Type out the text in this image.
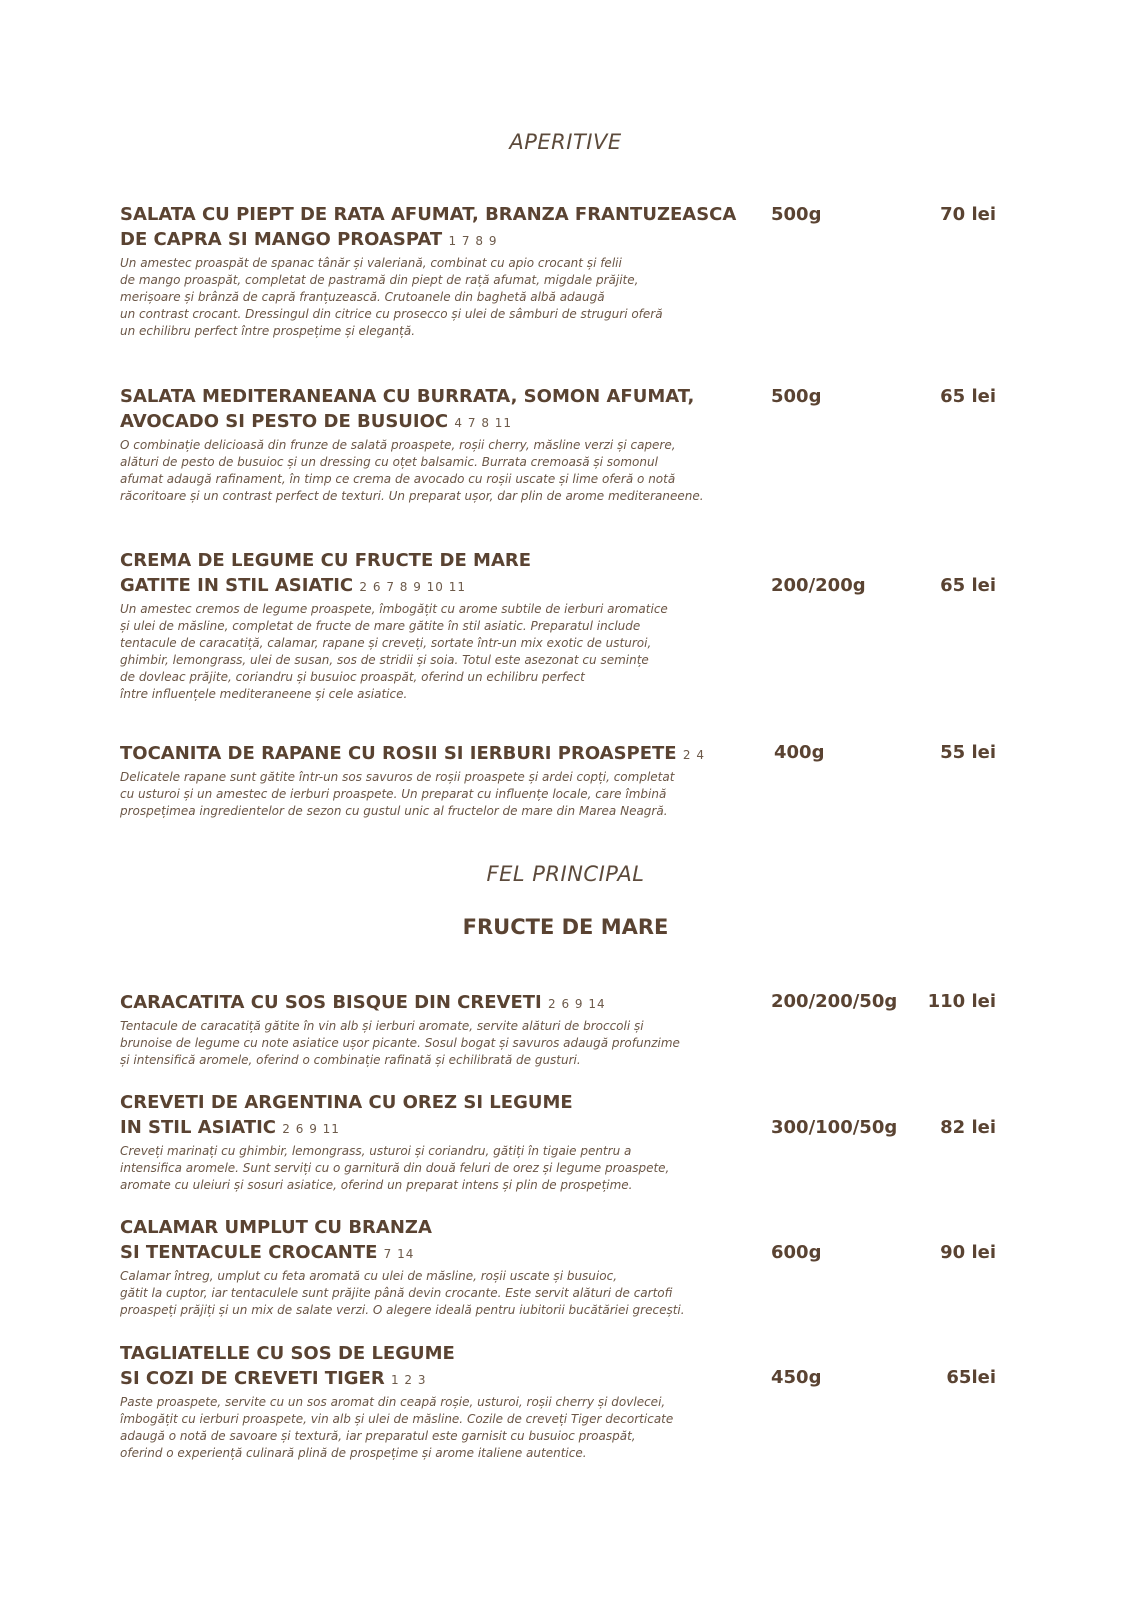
APERITIVE
SALATA CU PIEPT DE RATA AFUMAT, BRANZA FRANTUZEASCA
DE CAPRA SI MANGO PROASPAT 1 7 8 9
Un amestec proaspăt de spanac tânăr și valeriană, combinat cu apio crocant și felii
de mango proaspăt, completat de pastramă din piept de rață afumat, migdale prăjite,
merișoare și brânză de capră franțuzească. Crutoanele din baghetă albă adaugă
un contrast crocant. Dressingul din citrice cu prosecco și ulei de sâmburi de struguri oferă
un echilibru perfect între prospețime și eleganță.
500g	70 lei
SALATA MEDITERANEANA CU BURRATA, SOMON AFUMAT,
AVOCADO SI PESTO DE BUSUIOC 4 7 8 11
O combinație delicioasă din frunze de salată proaspete, roșii cherry, măsline verzi și capere,
alături de pesto de busuioc și un dressing cu oțet balsamic. Burrata cremoasă și somonul
afumat adaugă rafinament, în timp ce crema de avocado cu roșii uscate și lime oferă o notă
răcoritoare și un contrast perfect de texturi. Un preparat ușor, dar plin de arome mediteraneene.
500g	65 lei
CREMA DE LEGUME CU FRUCTE DE MARE
GATITE IN STIL ASIATIC 2 6 7 8 9 10 11
Un amestec cremos de legume proaspete, îmbogățit cu arome subtile de ierburi aromatice
și ulei de măsline, completat de fructe de mare gătite în stil asiatic. Preparatul include
tentacule de caracatiță, calamar, rapane și creveți, sortate într-un mix exotic de usturoi,
ghimbir, lemongrass, ulei de susan, sos de stridii și soia. Totul este asezonat cu semințe
de dovleac prăjite, coriandru și busuioc proaspăt, oferind un echilibru perfect
între influențele mediteraneene și cele asiatice.
200/200g	65 lei
TOCANITA DE RAPANE CU ROSII SI IERBURI PROASPETE 2 4
Delicatele rapane sunt gătite într-un sos savuros de roșii proaspete și ardei copți, completat
cu usturoi și un amestec de ierburi proaspete. Un preparat cu influențe locale, care îmbină
prospețimea ingredientelor de sezon cu gustul unic al fructelor de mare din Marea Neagră.
400g	55 lei
FEL PRINCIPAL
FRUCTE DE MARE
CARACATITA CU SOS BISQUE DIN CREVETI 2 6 9 14
Tentacule de caracatiță gătite în vin alb și ierburi aromate, servite alături de broccoli și
brunoise de legume cu note asiatice ușor picante. Sosul bogat și savuros adaugă profunzime
și intensifică aromele, oferind o combinație rafinată și echilibrată de gusturi.
200/200/50g	110 lei
CREVETI DE ARGENTINA CU OREZ SI LEGUME
IN STIL ASIATIC 2 6 9 11
Creveți marinați cu ghimbir, lemongrass, usturoi și coriandru, gătiți în tigaie pentru a
intensifica aromele. Sunt serviți cu o garnitură din două feluri de orez și legume proaspete,
aromate cu uleiuri și sosuri asiatice, oferind un preparat intens și plin de prospețime.
300/100/50g	82 lei
CALAMAR UMPLUT CU BRANZA
SI TENTACULE CROCANTE 7 14
Calamar întreg, umplut cu feta aromată cu ulei de măsline, roșii uscate și busuioc,
gătit la cuptor, iar tentaculele sunt prăjite până devin crocante. Este servit alături de cartofi
proaspeți prăjiți și un mix de salate verzi. O alegere ideală pentru iubitorii bucătăriei grecești.
600g	90 lei
TAGLIATELLE CU SOS DE LEGUME
SI COZI DE CREVETI TIGER 1 2 3
Paste proaspete, servite cu un sos aromat din ceapă roșie, usturoi, roșii cherry și dovlecei,
îmbogățit cu ierburi proaspete, vin alb și ulei de măsline. Cozile de creveți Tiger decorticate
adaugă o notă de savoare și textură, iar preparatul este garnisit cu busuioc proaspăt,
oferind o experiență culinară plină de prospețime și arome italiene autentice.
450g	65lei
